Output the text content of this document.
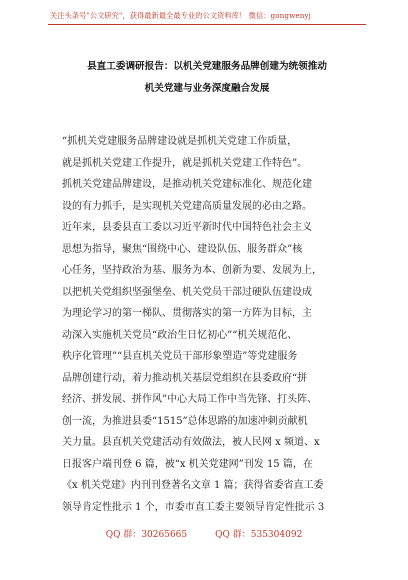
关注头条号"公文研究"，获得最新最全最专业的公文资料库！ 微信：gongwenyj
县直工委调研报告：以机关党建服务品牌创建为统领推动
机关党建与业务深度融合发展
“抓机关党建服务品牌建设就是抓机关党建工作质量，
就是抓机关党建工作提升，就是抓机关党建工作特色”。
抓机关党建品牌建设，是推动机关党建标准化、规范化建
设的有力抓手，是实现机关党建高质量发展的必由之路。
近年来，县委县直工委以习近平新时代中国特色社会主义
思想为指导，聚焦“围绕中心、建设队伍、服务群众”核
心任务，坚持政治为基、服务为本、创新为要、发展为上，
以把机关党组织坚强堡垒、机关党员干部过硬队伍建设成
为理论学习的第一梯队、贯彻落实的第一方阵为目标，主
动深入实施机关党员“政治生日忆初心”“机关规范化、
秩序化管理”“县直机关党员干部形象塑造”等党建服务
品牌创建行动，着力推动机关基层党组织在县委政府“拼
经济、拼发展、拼作风”中心大局工作中当先锋、打头阵、
创一流，为推进县委“1515”总体思路的加速冲刺贡献机
关力量。县直机关党建活动有效做法，被人民网 x 频道、x
日报客户端刊登 6 篇，被“x 机关党建网”刊发 15 篇，在
《x 机关党建》内刊刊登著名文章 1 篇；获得省委省直工委
领导肯定性批示 1 个，市委市直工委主要领导肯定性批示 3
QQ 群：30265665	QQ 群：535304092
